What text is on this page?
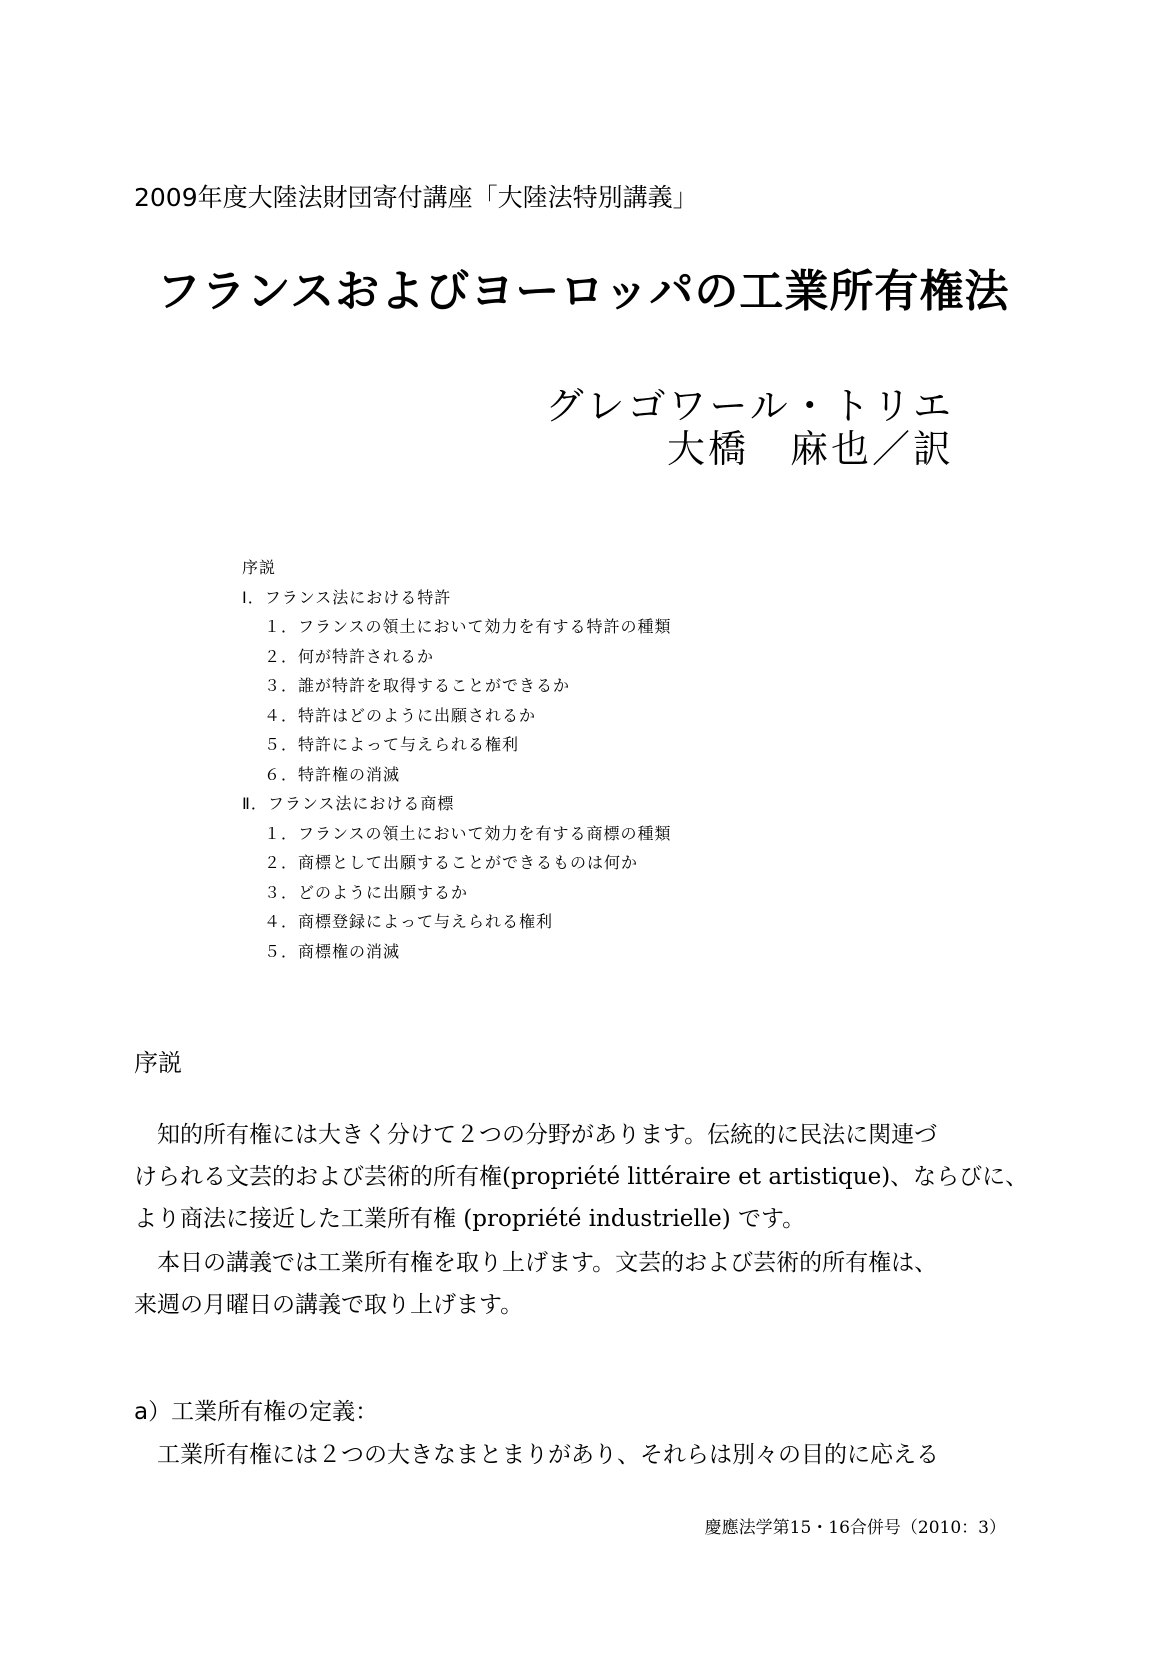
2009年度大陸法財団寄付講座「大陸法特別講義」
フランスおよびヨーロッパの工業所有権法
グレゴワール・トリエ
大橋　麻也／訳
序説
Ⅰ．フランス法における特許
１．フランスの領土において効力を有する特許の種類
２．何が特許されるか
３．誰が特許を取得することができるか
４．特許はどのように出願されるか
５．特許によって与えられる権利
６．特許権の消滅
Ⅱ．フランス法における商標
１．フランスの領土において効力を有する商標の種類
２．商標として出願することができるものは何か
３．どのように出願するか
４．商標登録によって与えられる権利
５．商標権の消滅
序説

　知的所有権には大きく分けて２つの分野があります。伝統的に民法に関連づ

けられる文芸的および芸術的所有権(propriété littéraire et artistique)、ならびに、

より商法に接近した工業所有権 (propriété industrielle) です。

　本日の講義では工業所有権を取り上げます。文芸的および芸術的所有権は、

来週の月曜日の講義で取り上げます。

a）工業所有権の定義：

　工業所有権には２つの大きなまとまりがあり、それらは別々の目的に応える

慶應法学第15・16合併号（2010：3）
